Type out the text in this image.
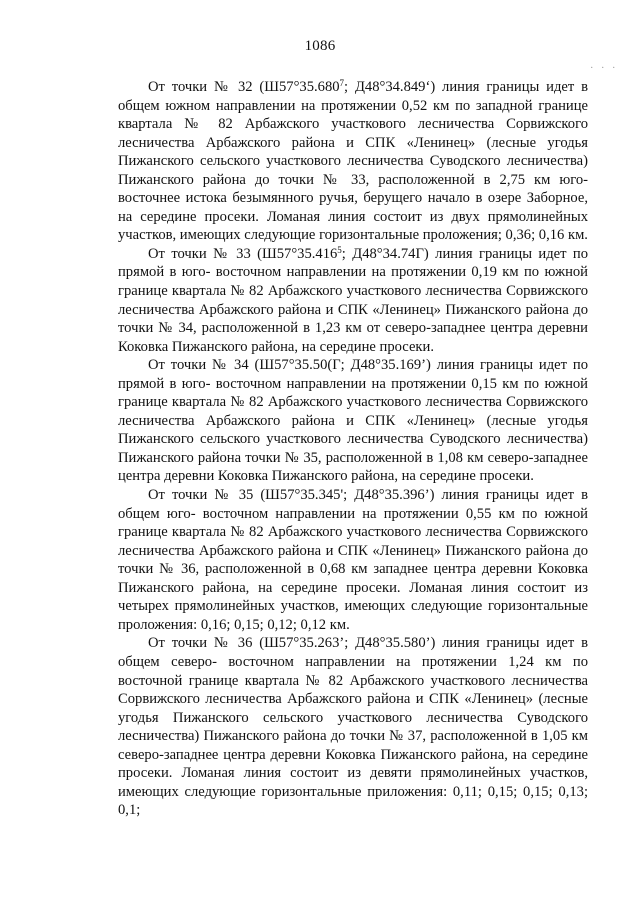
1086
. . .

От точки № 32 (Ш57°35.680$^7$; Д48°34.849‘) линия границы идет в общем южном направлении на протяжении 0,52 км по западной границе квартала № 82 Арбажского участкового лесничества Сорвижского лесничества Арбажского района и СПК «Ленинец» (лесные угодья Пижанского сельского участкового лесничества Суводского лесничества) Пижанского района до точки № 33, расположенной в 2,75 км юго-восточнее истока безымянного ручья, берущего начало в озере Заборное, на середине просеки. Ломаная линия состоит из двух прямолинейных участков, имеющих следующие горизонтальные проложения; 0,36; 0,16 км.

От точки № 33 (Ш57°35.416$^5$; Д48°34.74Г) линия границы идет по прямой в юго- восточном направлении на протяжении 0,19 км по южной границе квартала № 82 Арбажского участкового лесничества Сорвижского лесничества Арбажского района и СПК «Ленинец» Пижанского района до точки № 34, расположенной в 1,23 км от северо-западнее центра деревни Коковка Пижанского района, на середине просеки.

От точки № 34 (Ш57°35.50(Г; Д48°35.169’) линия границы идет по прямой в юго- восточном направлении на протяжении 0,15 км по южной границе квартала № 82 Арбажского участкового лесничества Сорвижского лесничества Арбажского района и СПК «Ленинец» (лесные угодья Пижанского сельского участкового лесничества Суводского лесничества) Пижанского района точки № 35, расположенной в 1,08 км северо-западнее центра деревни Коковка Пижанского района, на середине просеки.

От точки № 35 (Ш57°35.345'; Д48°35.396’) линия границы идет в общем юго- восточном направлении на протяжении 0,55 км по южной границе квартала № 82 Арбажского участкового лесничества Сорвижского лесничества Арбажского района и СПК «Ленинец» Пижанского района до точки № 36, расположенной в 0,68 км западнее центра деревни Коковка Пижанского района, на середине просеки. Ломаная линия состоит из четырех прямолинейных участков, имеющих следующие горизонтальные проложения: 0,16; 0,15; 0,12; 0,12 км.

От точки № 36 (Ш57°35.263’; Д48°35.580’) линия границы идет в общем северо- восточном направлении на протяжении 1,24 км по восточной границе квартала № 82 Арбажского участкового лесничества Сорвижского лесничества Арбажского района и СПК «Ленинец» (лесные угодья Пижанского сельского участкового лесничества Суводского лесничества) Пижанского района до точки № 37, расположенной в 1,05 км северо-западнее центра деревни Коковка Пижанского района, на середине просеки. Ломаная линия состоит из девяти прямолинейных участков, имеющих следующие горизонтальные приложения: 0,11; 0,15; 0,15; 0,13; 0,1;
